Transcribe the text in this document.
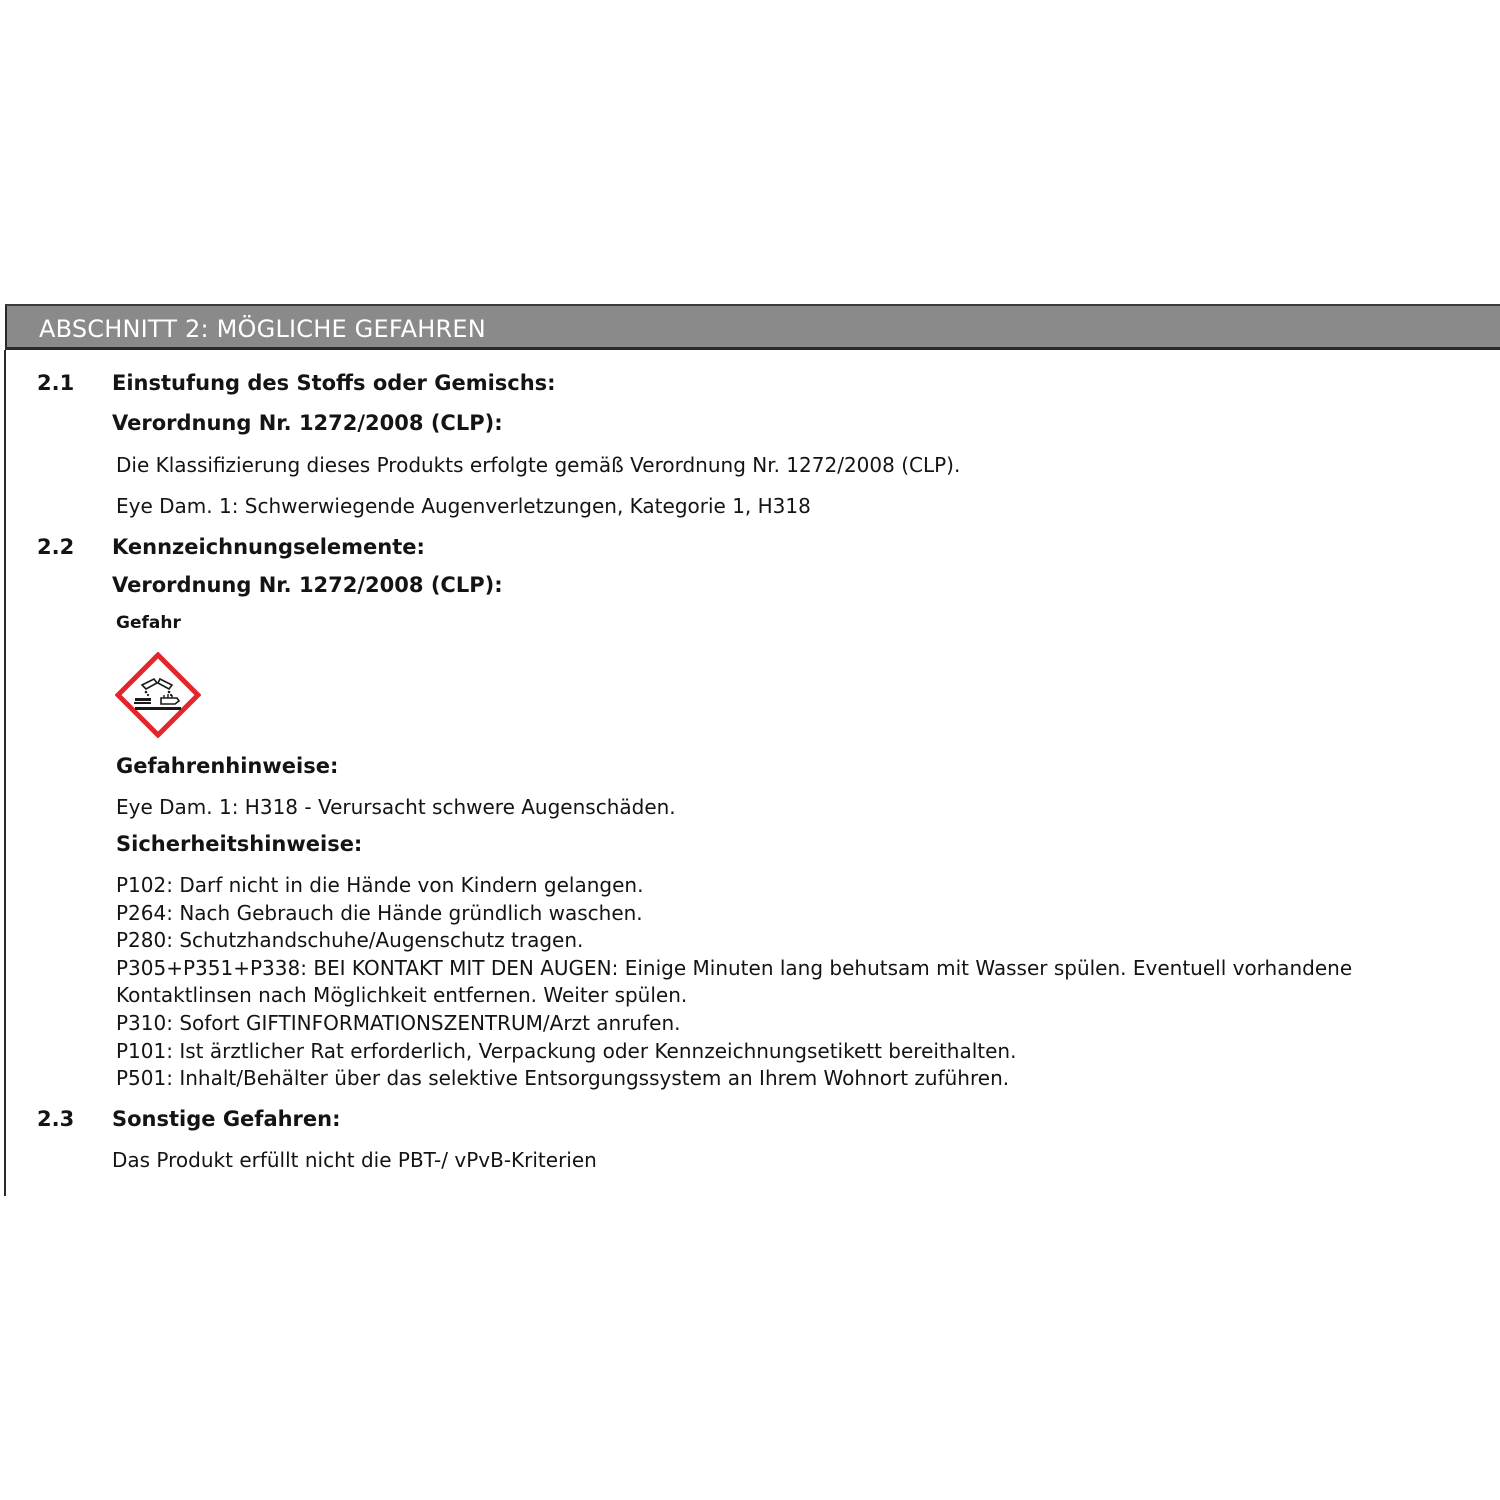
ABSCHNITT 2: MÖGLICHE GEFAHREN
2.1 Einstufung des Stoffs oder Gemischs:
Verordnung Nr. 1272/2008 (CLP):
Die Klassifizierung dieses Produkts erfolgte gemäß Verordnung Nr. 1272/2008 (CLP).
Eye Dam. 1: Schwerwiegende Augenverletzungen, Kategorie 1, H318
2.2 Kennzeichnungselemente:
Verordnung Nr. 1272/2008 (CLP):
Gefahr
Gefahrenhinweise:
Eye Dam. 1: H318 - Verursacht schwere Augenschäden.
Sicherheitshinweise:
P102: Darf nicht in die Hände von Kindern gelangen.
P264: Nach Gebrauch die Hände gründlich waschen.
P280: Schutzhandschuhe/Augenschutz tragen.
P305+P351+P338: BEI KONTAKT MIT DEN AUGEN: Einige Minuten lang behutsam mit Wasser spülen. Eventuell vorhandene
Kontaktlinsen nach Möglichkeit entfernen. Weiter spülen.
P310: Sofort GIFTINFORMATIONSZENTRUM/Arzt anrufen.
P101: Ist ärztlicher Rat erforderlich, Verpackung oder Kennzeichnungsetikett bereithalten.
P501: Inhalt/Behälter über das selektive Entsorgungssystem an Ihrem Wohnort zuführen.
2.3 Sonstige Gefahren:
Das Produkt erfüllt nicht die PBT-/ vPvB-Kriterien
